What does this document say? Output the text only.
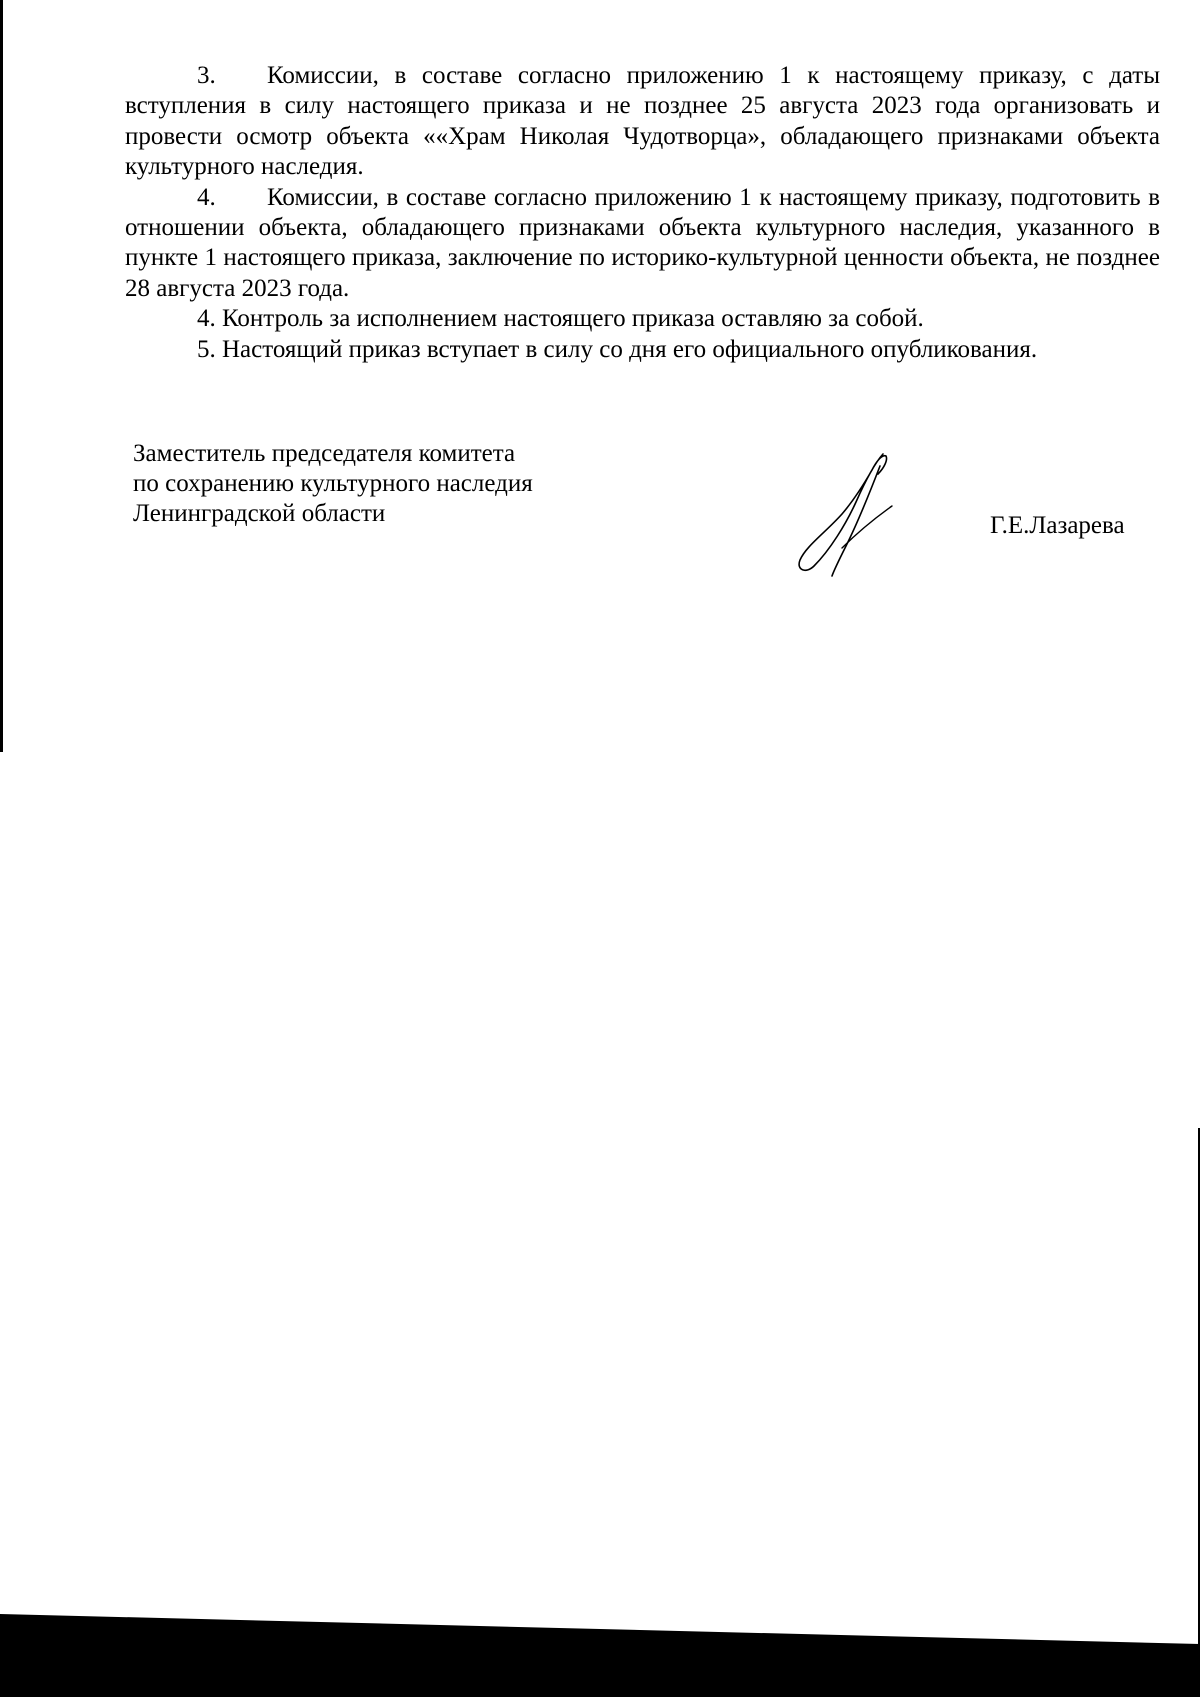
3. Комиссии, в составе согласно приложению 1 к настоящему приказу, с даты вступления в силу настоящего приказа и не позднее 25 августа 2023 года организовать и провести осмотр объекта ««Храм Николая Чудотворца», обладающего признаками объекта культурного наследия.

4. Комиссии, в составе согласно приложению 1 к настоящему приказу, подготовить в отношении объекта, обладающего признаками объекта культурного наследия, указанного в пункте 1 настоящего приказа, заключение по историко-культурной ценности объекта, не позднее 28 августа 2023 года.

4. Контроль за исполнением настоящего приказа оставляю за собой.

5. Настоящий приказ вступает в силу со дня его официального опубликования.

Заместитель председателя комитета
по сохранению культурного наследия
Ленинградской области	Г.Е.Лазарева
